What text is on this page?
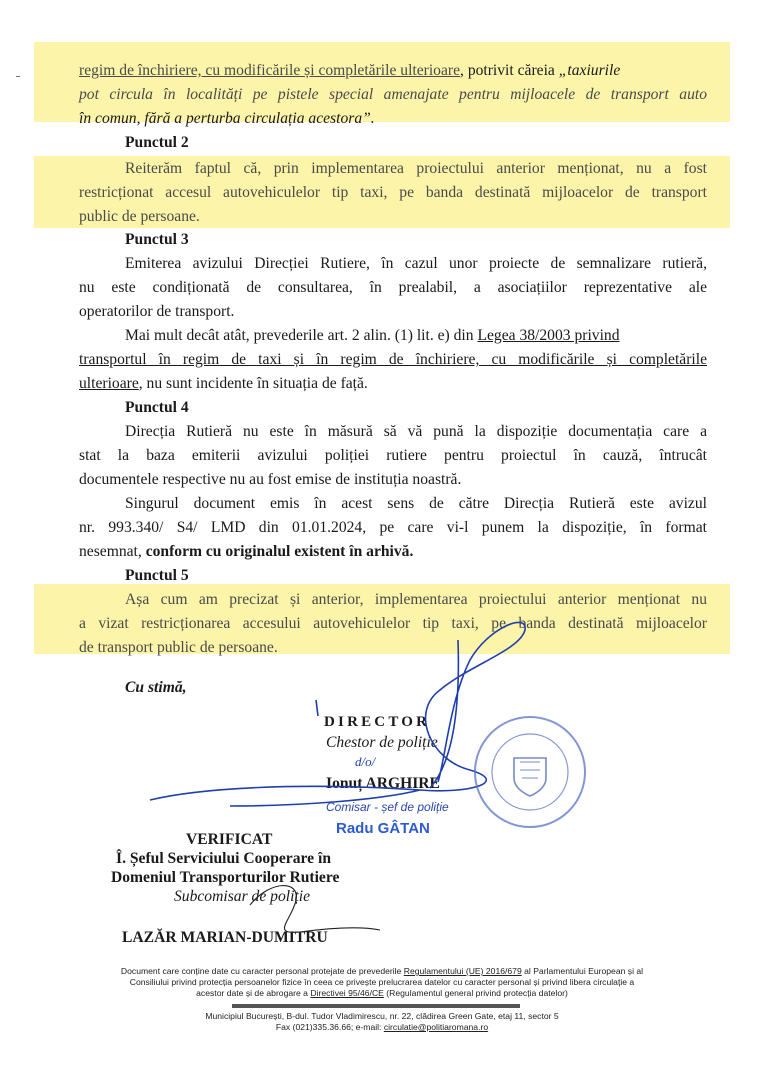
regim de închiriere, cu modificările și completările ulterioare, potrivit căreia „taxiurile
pot circula în localități pe pistele special amenajate pentru mijloacele de transport auto
în comun, fără a perturba circulația acestora”.
Punctul 2
Reiterăm faptul că, prin implementarea proiectului anterior menționat, nu a fost
restricționat accesul autovehiculelor tip taxi, pe banda destinată mijloacelor de transport
public de persoane.
Punctul 3
Emiterea avizului Direcției Rutiere, în cazul unor proiecte de semnalizare rutieră,
nu este condiționată de consultarea, în prealabil, a asociațiilor reprezentative ale
operatorilor de transport.
Mai mult decât atât, prevederile art. 2 alin. (1) lit. e) din Legea 38/2003 privind
transportul în regim de taxi și în regim de închiriere, cu modificările și completările
ulterioare, nu sunt incidente în situația de față.
Punctul 4
Direcția Rutieră nu este în măsură să vă pună la dispoziție documentația care a
stat la baza emiterii avizului poliției rutiere pentru proiectul în cauză, întrucât
documentele respective nu au fost emise de instituția noastră.
Singurul document emis în acest sens de către Direcția Rutieră este avizul
nr. 993.340/ S4/ LMD din 01.01.2024, pe care vi-l punem la dispoziție, în format
nesemnat, conform cu originalul existent în arhivă.
Punctul 5
Așa cum am precizat și anterior, implementarea proiectului anterior menționat nu
a vizat restricționarea accesului autovehiculelor tip taxi, pe banda destinată mijloacelor
de transport public de persoane.
Cu stimă,
DIRECTOR
Chestor de poliție
Ionuț ARGHIRE
Comisar - șef de poliție
Radu GÂTAN
d/o/
VERIFICAT
Î. Șeful Serviciului Cooperare în
Domeniul Transporturilor Rutiere
Subcomisar de poliție
LAZĂR MARIAN-DUMITRU
Document care conține date cu caracter personal protejate de prevederile Regulamentului (UE) 2016/679 al Parlamentului European și al
Consiliului privind protecția persoanelor fizice în ceea ce privește prelucrarea datelor cu caracter personal și privind libera circulație a
acestor date și de abrogare a Directivei 95/46/CE (Regulamentul general privind protecția datelor)
Municipiul București, B-dul. Tudor Vladimirescu, nr. 22, clădirea Green Gate, etaj 11, sector 5
Fax (021)335.36.66; e-mail: circulatie@politiaromana.ro
